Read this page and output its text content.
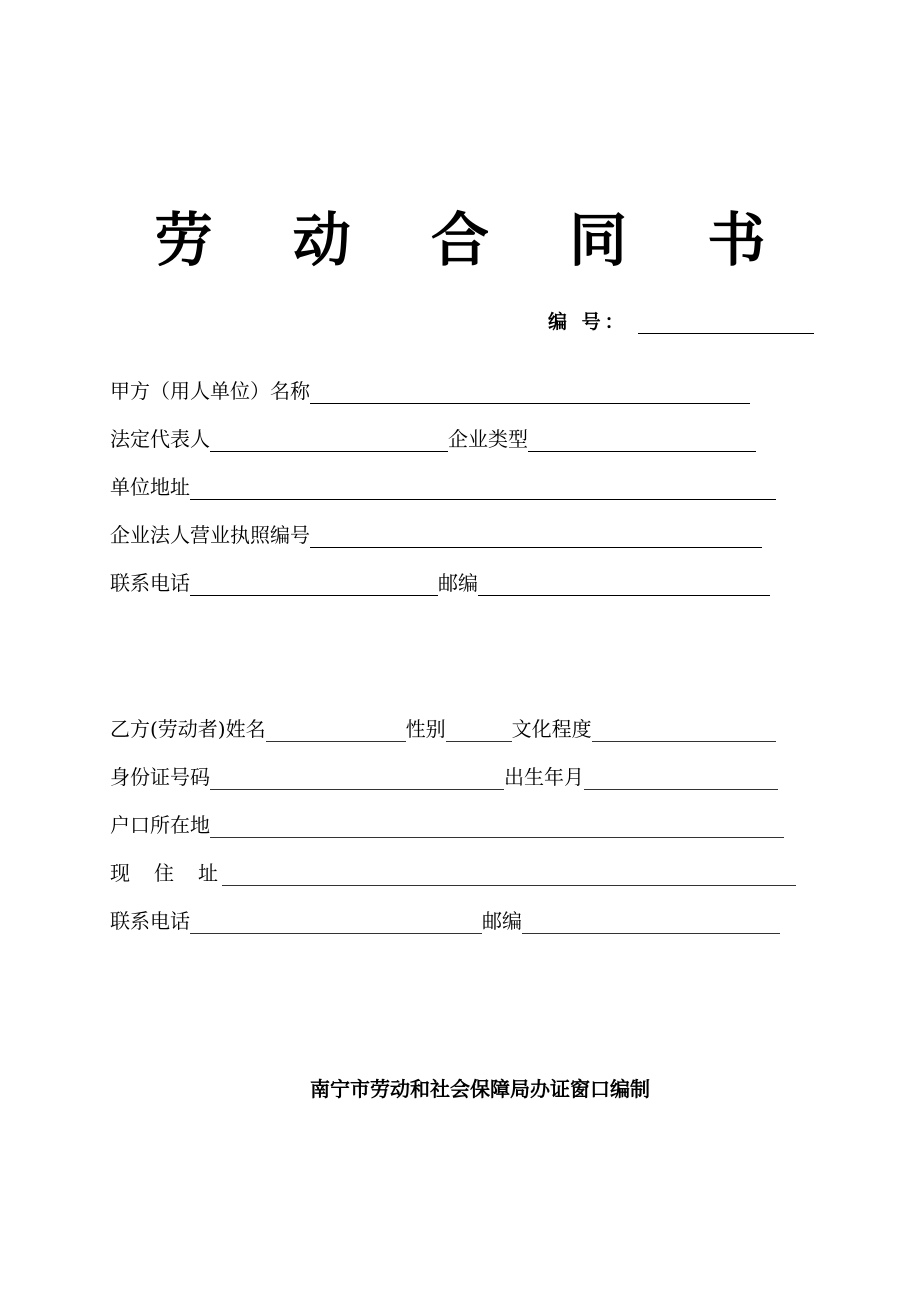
劳 动 合 同 书
编 号：
甲方（用人单位）名称
法定代表人	企业类型
单位地址
企业法人营业执照编号
联系电话	邮编
乙方(劳动者)姓名	性别	文化程度
身份证号码	出生年月
户口所在地
现 住 址
联系电话	邮编
南宁市劳动和社会保障局办证窗口编制
